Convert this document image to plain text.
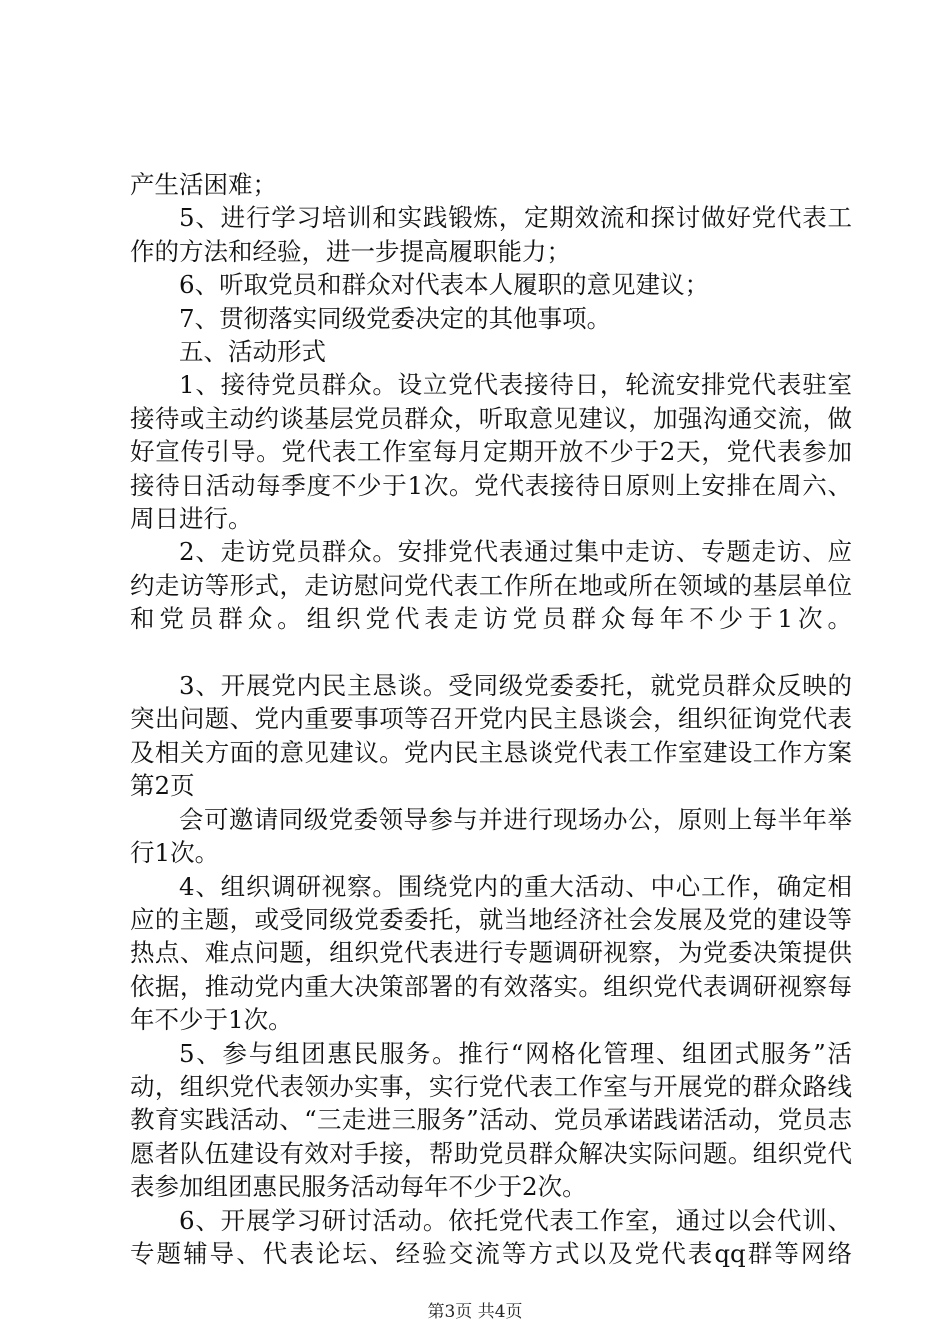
产生活困难；

5、进行学习培训和实践锻炼，定期效流和探讨做好党代表工作的方法和经验，进一步提高履职能力；

6、听取党员和群众对代表本人履职的意见建议；

7、贯彻落实同级党委决定的其他事项。

五、活动形式

1、接待党员群众。设立党代表接待日，轮流安排党代表驻室接待或主动约谈基层党员群众，听取意见建议，加强沟通交流，做好宣传引导。党代表工作室每月定期开放不少于2天，党代表参加接待日活动每季度不少于1次。党代表接待日原则上安排在周六、周日进行。

2、走访党员群众。安排党代表通过集中走访、专题走访、应约走访等形式，走访慰问党代表工作所在地或所在领域的基层单位和党员群众。组织党代表走访党员群众每年不少于1次。

3、开展党内民主恳谈。受同级党委委托，就党员群众反映的突出问题、党内重要事项等召开党内民主恳谈会，组织征询党代表及相关方面的意见建议。党内民主恳谈党代表工作室建设工作方案第2页

会可邀请同级党委领导参与并进行现场办公，原则上每半年举行1次。

4、组织调研视察。围绕党内的重大活动、中心工作，确定相应的主题，或受同级党委委托，就当地经济社会发展及党的建设等热点、难点问题，组织党代表进行专题调研视察，为党委决策提供依据，推动党内重大决策部署的有效落实。组织党代表调研视察每年不少于1次。

5、参与组团惠民服务。推行“网格化管理、组团式服务”活动，组织党代表领办实事，实行党代表工作室与开展党的群众路线教育实践活动、“三走进三服务”活动、党员承诺践诺活动，党员志愿者队伍建设有效对手接，帮助党员群众解决实际问题。组织党代表参加组团惠民服务活动每年不少于2次。

6、开展学习研讨活动。依托党代表工作室，通过以会代训、专题辅导、代表论坛、经验交流等方式以及党代表qq群等网络

第3页 共4页
